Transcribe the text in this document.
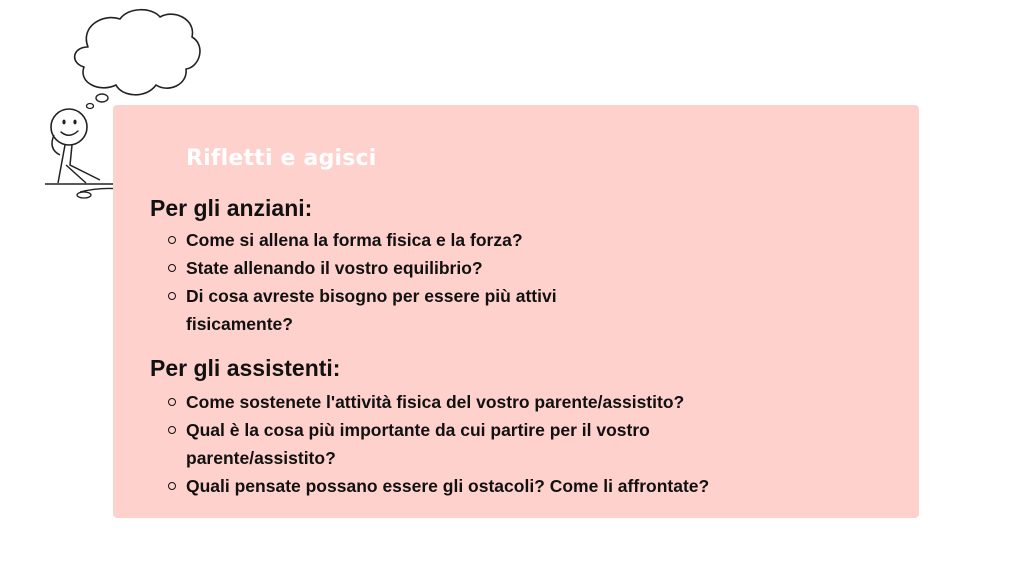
Rifletti e agisci
Per gli anziani:
Come si allena la forma fisica e la forza?
State allenando il vostro equilibrio?
Di cosa avreste bisogno per essere più attivi fisicamente?
Per gli assistenti:
Come sostenete l'attività fisica del vostro parente/assistito?
Qual è la cosa più importante da cui partire per il vostro parente/assistito?
Quali pensate possano essere gli ostacoli? Come li affrontate?
